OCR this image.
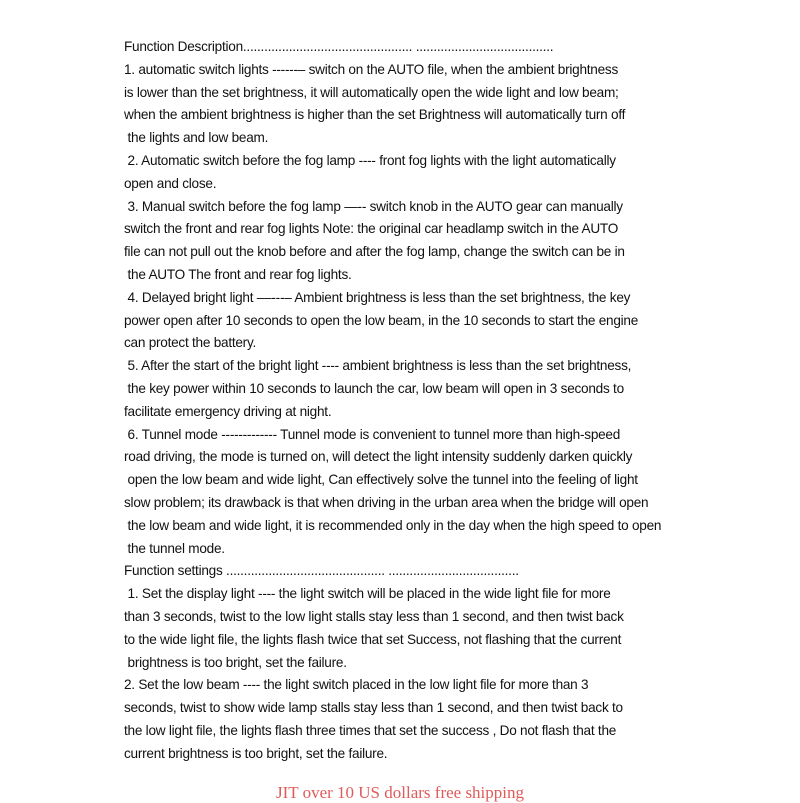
Function Description................................................ .......................................
1. automatic switch lights ------– switch on the AUTO file, when the ambient brightness
is lower than the set brightness, it will automatically open the wide light and low beam;
when the ambient brightness is higher than the set Brightness will automatically turn off
the lights and low beam.
2. Automatic switch before the fog lamp ---- front fog lights with the light automatically
open and close.
3. Manual switch before the fog lamp —-- switch knob in the AUTO gear can manually
switch the front and rear fog lights Note: the original car headlamp switch in the AUTO
file can not pull out the knob before and after the fog lamp, change the switch can be in
the AUTO The front and rear fog lights.
4. Delayed bright light ––---– Ambient brightness is less than the set brightness, the key
power open after 10 seconds to open the low beam, in the 10 seconds to start the engine
can protect the battery.
5. After the start of the bright light ---- ambient brightness is less than the set brightness,
the key power within 10 seconds to launch the car, low beam will open in 3 seconds to
facilitate emergency driving at night.
6. Tunnel mode ------------- Tunnel mode is convenient to tunnel more than high-speed
road driving, the mode is turned on, will detect the light intensity suddenly darken quickly
open the low beam and wide light, Can effectively solve the tunnel into the feeling of light
slow problem; its drawback is that when driving in the urban area when the bridge will open
the low beam and wide light, it is recommended only in the day when the high speed to open
the tunnel mode.
Function settings ............................................. .....................................
1. Set the display light ---- the light switch will be placed in the wide light file for more
than 3 seconds, twist to the low light stalls stay less than 1 second, and then twist back
to the wide light file, the lights flash twice that set Success, not flashing that the current
brightness is too bright, set the failure.
2. Set the low beam ---- the light switch placed in the low light file for more than 3
seconds, twist to show wide lamp stalls stay less than 1 second, and then twist back to
the low light file, the lights flash three times that set the success , Do not flash that the
current brightness is too bright, set the failure.
JIT over 10 US dollars free shipping
